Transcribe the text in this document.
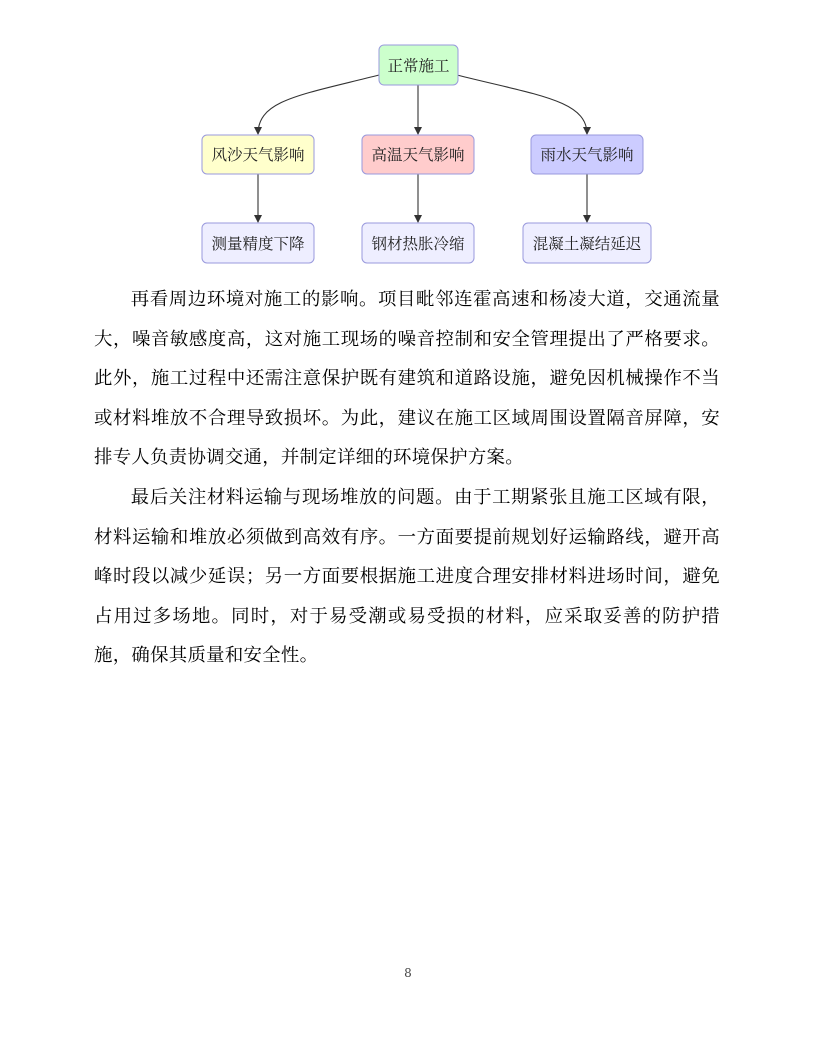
正常施工
风沙天气影响	高温天气影响	雨水天气影响
测量精度下降	钢材热胀冷缩	混凝土凝结延迟

再看周边环境对施工的影响。项目毗邻连霍高速和杨凌大道，交通流量大，噪音敏感度高，这对施工现场的噪音控制和安全管理提出了严格要求。此外，施工过程中还需注意保护既有建筑和道路设施，避免因机械操作不当或材料堆放不合理导致损坏。为此，建议在施工区域周围设置隔音屏障，安排专人负责协调交通，并制定详细的环境保护方案。

最后关注材料运输与现场堆放的问题。由于工期紧张且施工区域有限，材料运输和堆放必须做到高效有序。一方面要提前规划好运输路线，避开高峰时段以减少延误；另一方面要根据施工进度合理安排材料进场时间，避免占用过多场地。同时，对于易受潮或易受损的材料，应采取妥善的防护措施，确保其质量和安全性。

8
